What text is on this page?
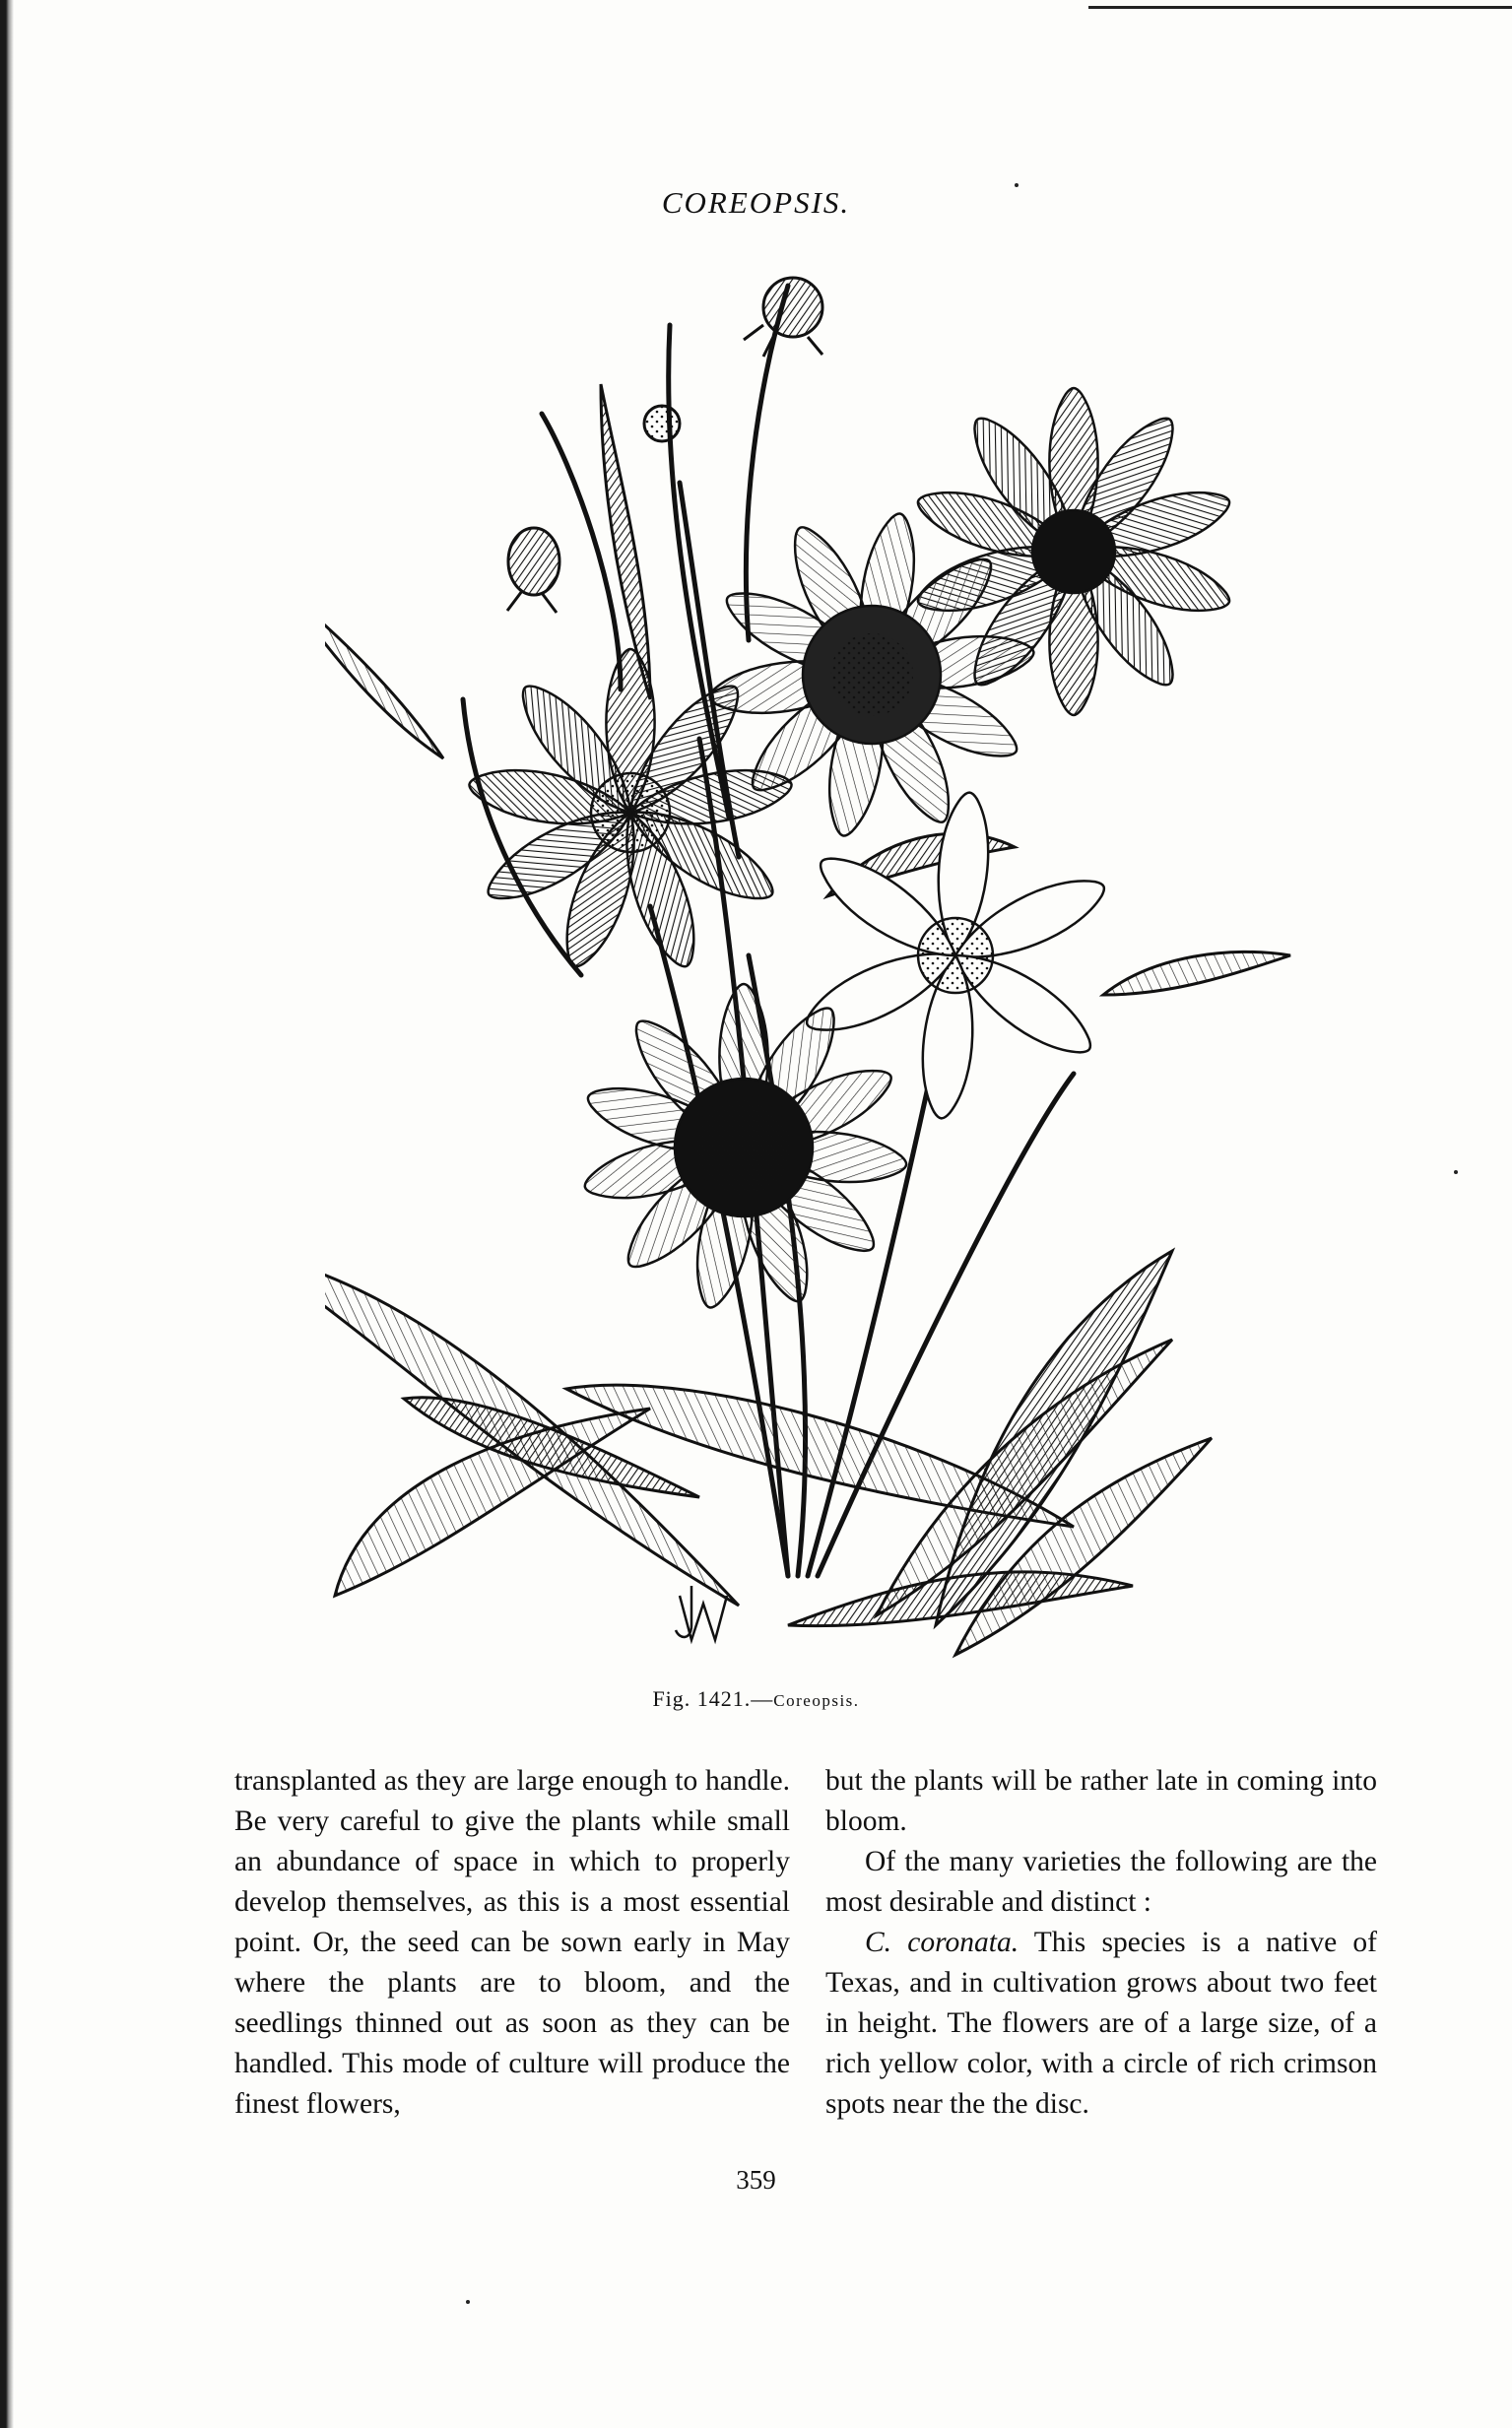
COREOPSIS.
Fig. 1421.—Coreopsis.

transplanted as they are large enough to handle. Be very careful to give the plants while small an abundance of space in which to properly develop themselves, as this is a most essential point. Or, the seed can be sown early in May where the plants are to bloom, and the seedlings thinned out as soon as they can be handled. This mode of culture will produce the finest flowers,

but the plants will be rather late in coming into bloom.

Of the many varieties the following are the most desirable and distinct :

C. coronata. This species is a native of Texas, and in cultivation grows about two feet in height. The flowers are of a large size, of a rich yellow color, with a circle of rich crimson spots near the the disc.

359
